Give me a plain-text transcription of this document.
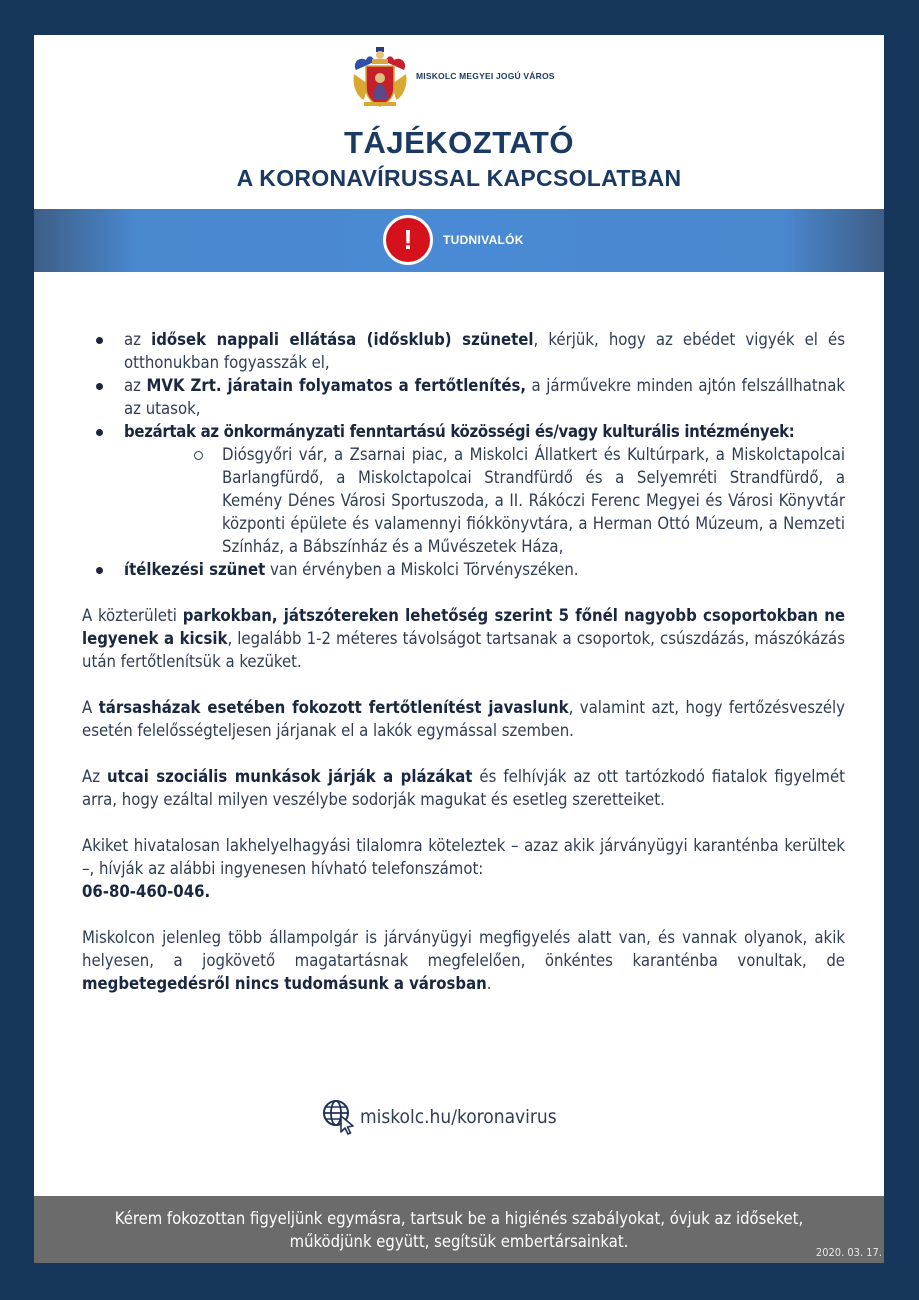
MISKOLC MEGYEI JOGÚ VÁROS
TÁJÉKOZTATÓ
A KORONAVÍRUSSAL KAPCSOLATBAN
!	TUDNIVALÓK
az idősek nappali ellátása (idősklub) szünetel, kérjük, hogy az ebédet vigyék el és otthonukban fogyasszák el,
az MVK Zrt. járatain folyamatos a fertőtlenítés, a járművekre minden ajtón felszállhatnak az utasok,
bezártak az önkormányzati fenntartású közösségi és/vagy kulturális intézmények:
Diósgyőri vár, a Zsarnai piac, a Miskolci Állatkert és Kultúrpark, a Miskolctapolcai Barlangfürdő, a Miskolctapolcai Strandfürdő és a Selyemréti Strandfürdő, a Kemény Dénes Városi Sportuszoda, a II. Rákóczi Ferenc Megyei és Városi Könyvtár központi épülete és valamennyi fiókkönyvtára, a Herman Ottó Múzeum, a Nemzeti Színház, a Bábszínház és a Művészetek Háza,
ítélkezési szünet van érvényben a Miskolci Törvényszéken.

A közterületi parkokban, játszótereken lehetőség szerint 5 főnél nagyobb csoportokban ne legyenek a kicsik, legalább 1-2 méteres távolságot tartsanak a csoportok, csúszdázás, mászókázás után fertőtlenítsük a kezüket.

A társasházak esetében fokozott fertőtlenítést javaslunk, valamint azt, hogy fertőzésveszély esetén felelősségteljesen járjanak el a lakók egymással szemben.

Az utcai szociális munkások járják a plázákat és felhívják az ott tartózkodó fiatalok figyelmét arra, hogy ezáltal milyen veszélybe sodorják magukat és esetleg szeretteiket.

Akiket hivatalosan lakhelyelhagyási tilalomra köteleztek – azaz akik járványügyi karanténba kerültek –, hívják az alábbi ingyenesen hívható telefonszámot:
06-80-460-046.

Miskolcon jelenleg több állampolgár is járványügyi megfigyelés alatt van, és vannak olyanok, akik helyesen, a jogkövető magatartásnak megfelelően, önkéntes karanténba vonultak, de megbetegedésről nincs tudomásunk a városban.

miskolc.hu/koronavirus
Kérem fokozottan figyeljünk egymásra, tartsuk be a higiénés szabályokat, óvjuk az időseket,
működjünk együtt, segítsük embertársainkat.
2020. 03. 17.
